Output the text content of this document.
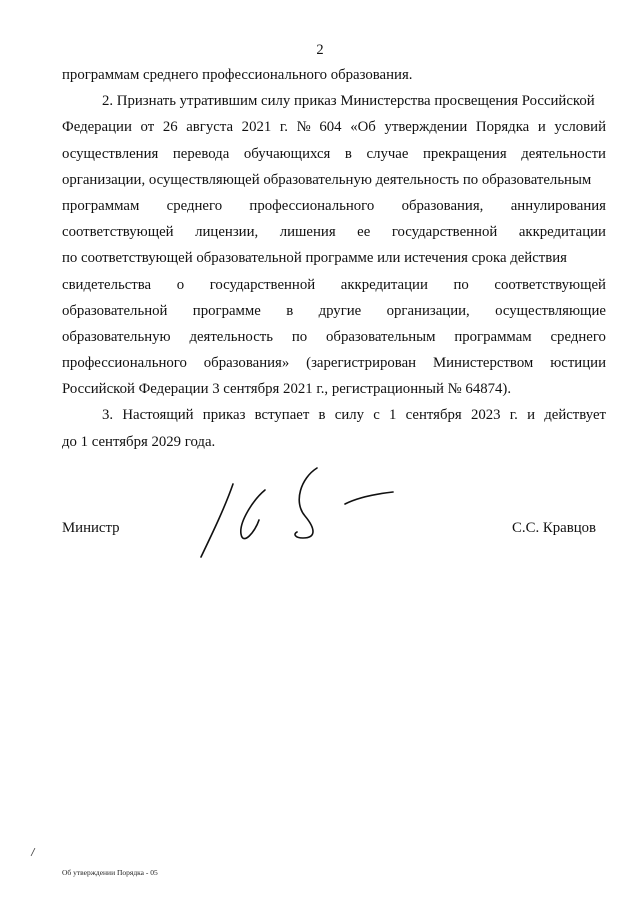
2
программам среднего профессионального образования.
2. Признать утратившим силу приказ Министерства просвещения Российской
Федерации от 26 августа 2021 г. № 604 «Об утверждении Порядка и условий
осуществления перевода обучающихся в случае прекращения деятельности
организации, осуществляющей образовательную деятельность по образовательным
программам среднего профессионального образования, аннулирования
соответствующей лицензии, лишения ее государственной аккредитации
по соответствующей образовательной программе или истечения срока действия
свидетельства о государственной аккредитации по соответствующей
образовательной программе в другие организации, осуществляющие
образовательную деятельность по образовательным программам среднего
профессионального образования» (зарегистрирован Министерством юстиции
Российской Федерации 3 сентября 2021 г., регистрационный № 64874).
3. Настоящий приказ вступает в силу с 1 сентября 2023 г. и действует
до 1 сентября 2029 года.
Министр	С.С. Кравцов
Об утверждении Порядка - 05
